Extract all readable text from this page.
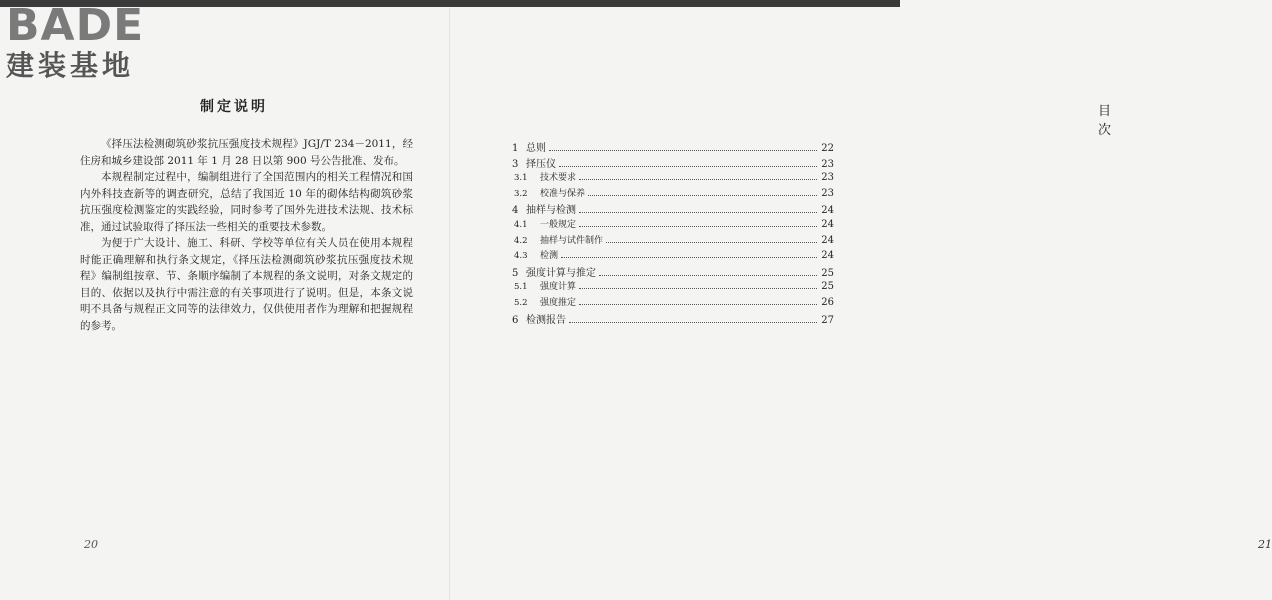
BADE
建装基地
制定说明

《择压法检测砌筑砂浆抗压强度技术规程》JGJ/T 234－2011，经住房和城乡建设部 2011 年 1 月 28 日以第 900 号公告批准、发布。

本规程制定过程中，编制组进行了全国范围内的相关工程情况和国内外科技查新等的调查研究，总结了我国近 10 年的砌体结构砌筑砂浆抗压强度检测鉴定的实践经验，同时参考了国外先进技术法规、技术标准，通过试验取得了择压法一些相关的重要技术参数。

为便于广大设计、施工、科研、学校等单位有关人员在使用本规程时能正确理解和执行条文规定，《择压法检测砌筑砂浆抗压强度技术规程》编制组按章、节、条顺序编制了本规程的条文说明，对条文规定的目的、依据以及执行中需注意的有关事项进行了说明。但是，本条文说明不具备与规程正文同等的法律效力，仅供使用者作为理解和把握规程的参考。

20
目次
21
1 总则	22
3 择压仪	23
3.1	技术要求	23
3.2	校准与保养	23
4 抽样与检测	24
4.1	一般规定	24
4.2	抽样与试件制作	24
4.3	检测	24
5 强度计算与推定	25
5.1	强度计算	25
5.2	强度推定	26
6 检测报告	27
